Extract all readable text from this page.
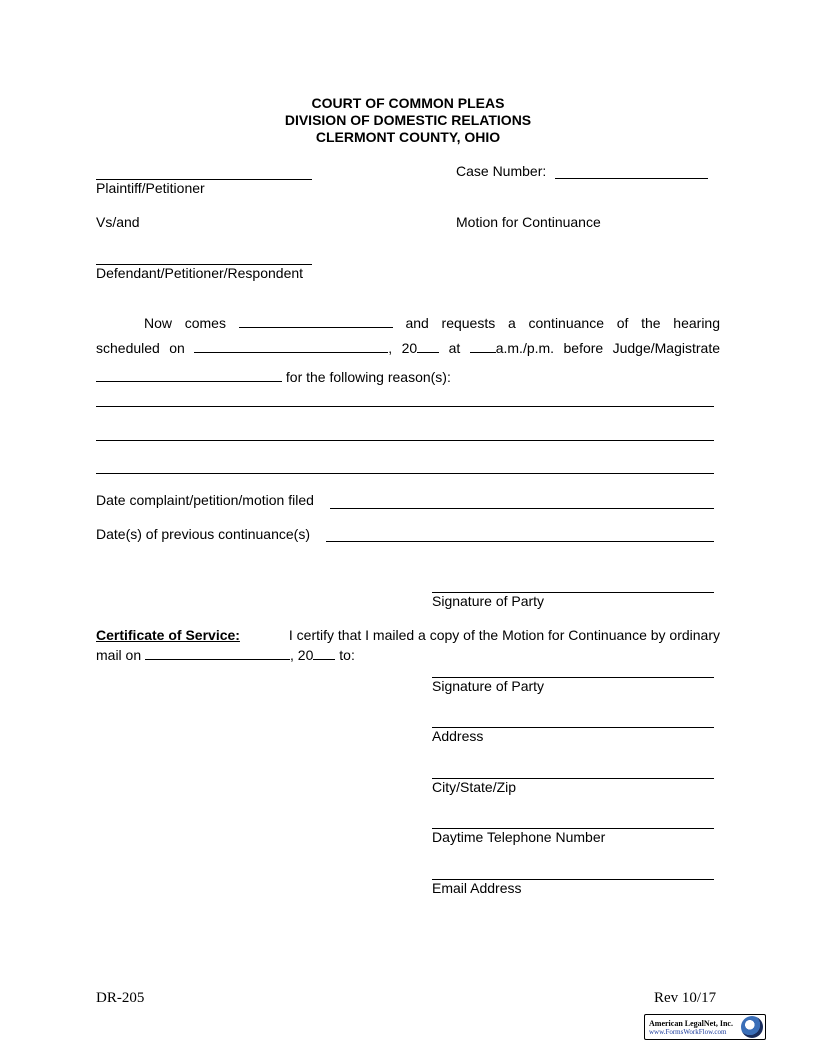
COURT OF COMMON PLEAS
DIVISION OF DOMESTIC RELATIONS
CLERMONT COUNTY, OHIO
Plaintiff/Petitioner
Vs/and
Defendant/Petitioner/Respondent
Case Number:
Motion for Continuance
Now comes	and requests a continuance of the hearing
scheduled on	, 20 at	a.m./p.m. before Judge/Magistrate
for the following reason(s):
Date complaint/petition/motion filed
Date(s) of previous continuance(s)
Signature of Party
Certificate of Service:	I certify that I mailed a copy of the Motion for Continuance by ordinary
mail on	, 20 to:
Signature of Party
Address
City/State/Zip
Daytime Telephone Number
Email Address
DR-205	Rev 10/17
American LegalNet, Inc.
www.FormsWorkFlow.com
